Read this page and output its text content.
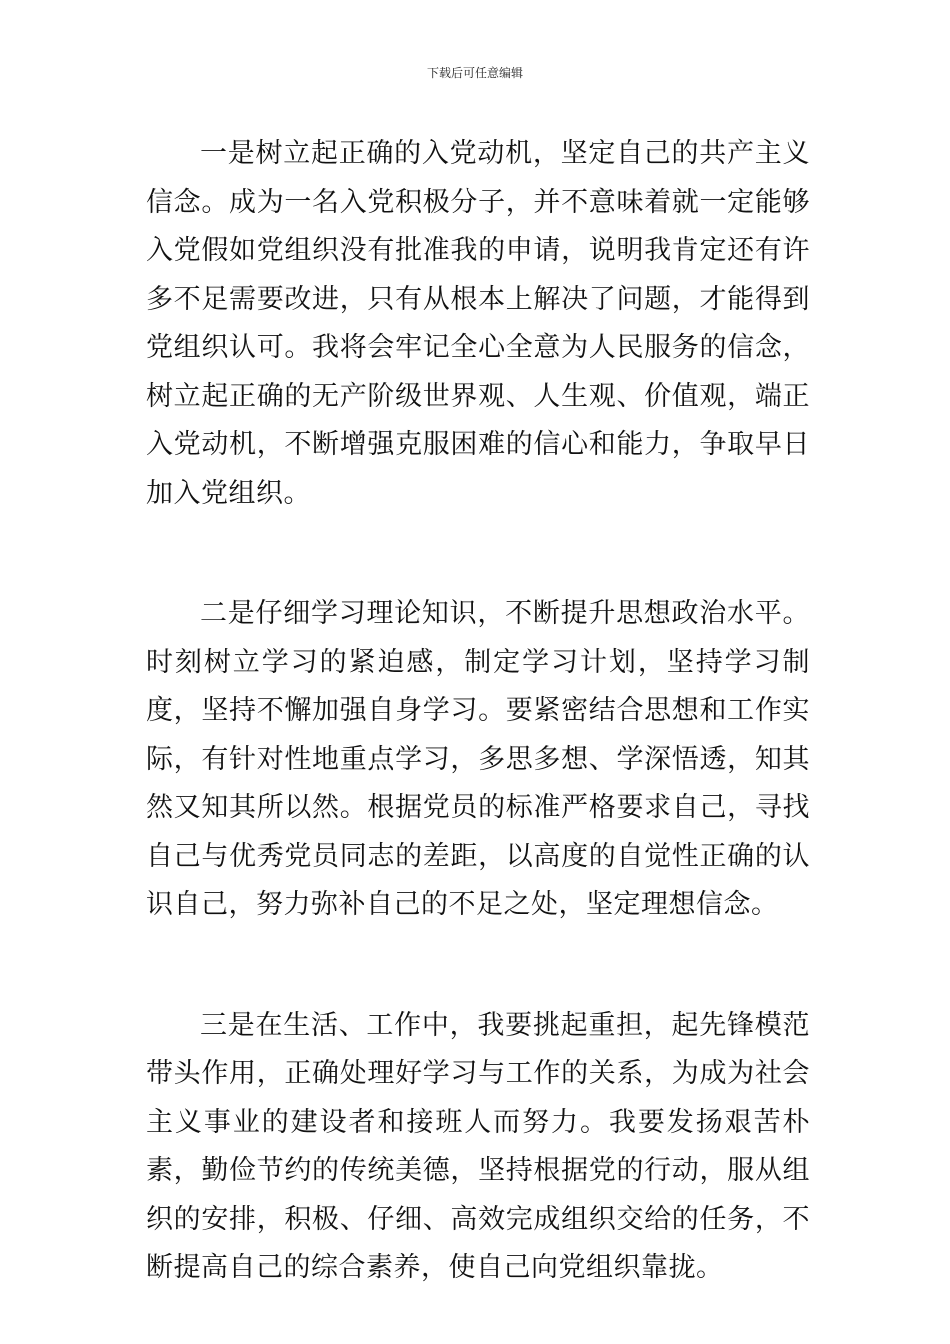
下载后可任意编辑

一是树立起正确的入党动机，坚定自己的共产主义信念。成为一名入党积极分子，并不意味着就一定能够入党假如党组织没有批准我的申请，说明我肯定还有许多不足需要改进，只有从根本上解决了问题，才能得到党组织认可。我将会牢记全心全意为人民服务的信念，树立起正确的无产阶级世界观、人生观、价值观，端正入党动机，不断增强克服困难的信心和能力，争取早日加入党组织。

二是仔细学习理论知识，不断提升思想政治水平。时刻树立学习的紧迫感，制定学习计划，坚持学习制度，坚持不懈加强自身学习。要紧密结合思想和工作实际，有针对性地重点学习，多思多想、学深悟透，知其然又知其所以然。根据党员的标准严格要求自己，寻找自己与优秀党员同志的差距，以高度的自觉性正确的认识自己，努力弥补自己的不足之处，坚定理想信念。

三是在生活、工作中，我要挑起重担，起先锋模范带头作用，正确处理好学习与工作的关系，为成为社会主义事业的建设者和接班人而努力。我要发扬艰苦朴素，勤俭节约的传统美德，坚持根据党的行动，服从组织的安排，积极、仔细、高效完成组织交给的任务，不断提高自己的综合素养，使自己向党组织靠拢。
